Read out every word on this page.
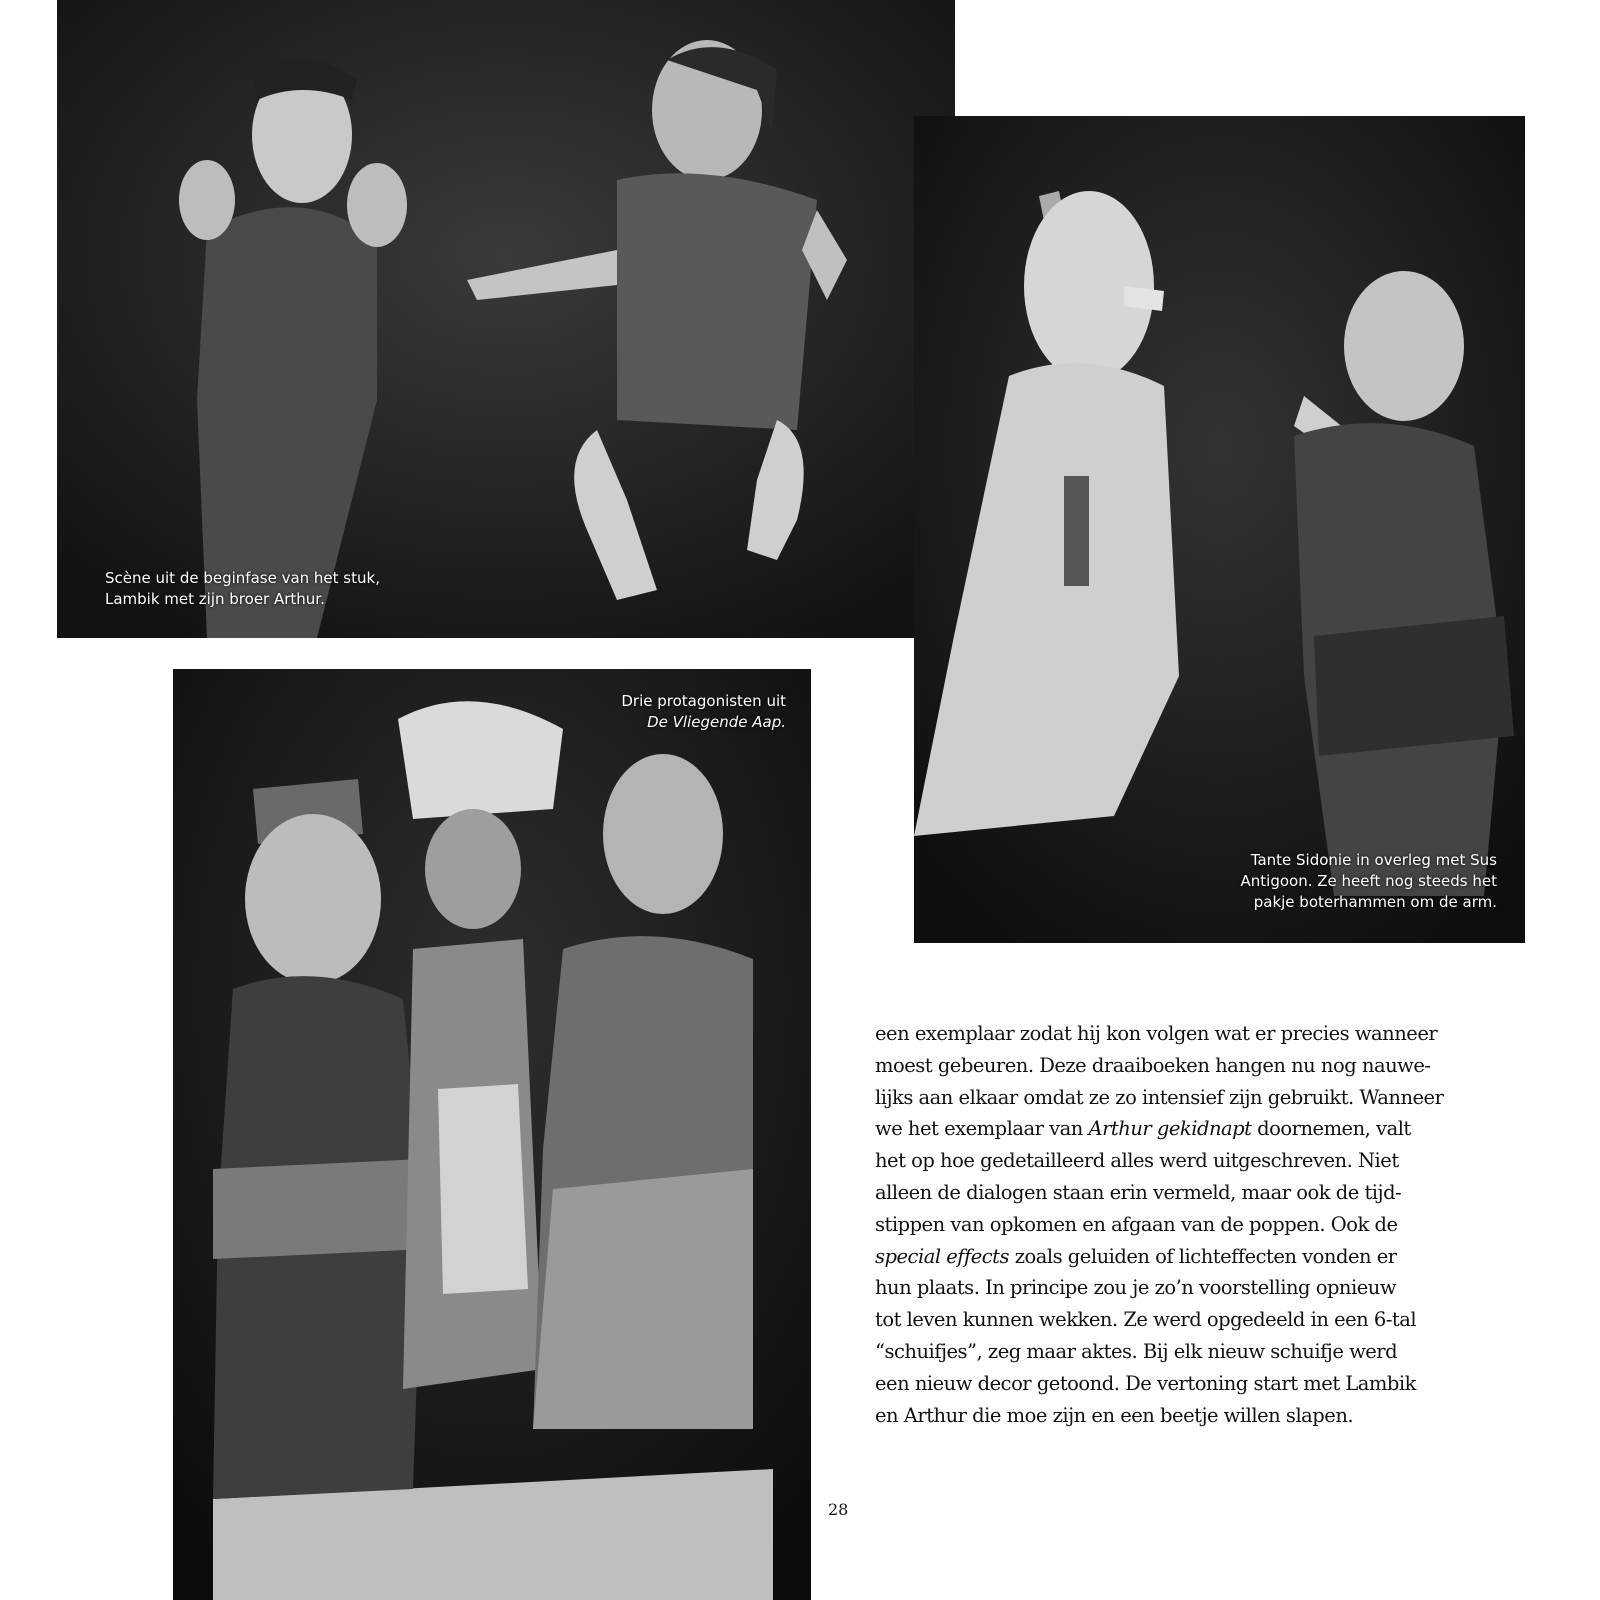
Scène uit de beginfase van het stuk,
Lambik met zijn broer Arthur.
Tante Sidonie in overleg met Sus
Antigoon. Ze heeft nog steeds het
pakje boterhammen om de arm.
Drie protagonisten uit
De Vliegende Aap.
een exemplaar zodat hij kon volgen wat er precies wanneer
moest gebeuren. Deze draaiboeken hangen nu nog nauwe-
lijks aan elkaar omdat ze zo intensief zijn gebruikt. Wanneer
we het exemplaar van Arthur gekidnapt doornemen, valt
het op hoe gedetailleerd alles werd uitgeschreven. Niet
alleen de dialogen staan erin vermeld, maar ook de tijd-
stippen van opkomen en afgaan van de poppen. Ook de
special effects zoals geluiden of lichteffecten vonden er
hun plaats. In principe zou je zo’n voorstelling opnieuw
tot leven kunnen wekken. Ze werd opgedeeld in een 6-tal
“schuifjes”, zeg maar aktes. Bij elk nieuw schuifje werd
een nieuw decor getoond. De vertoning start met Lambik
en Arthur die moe zijn en een beetje willen slapen.
28
